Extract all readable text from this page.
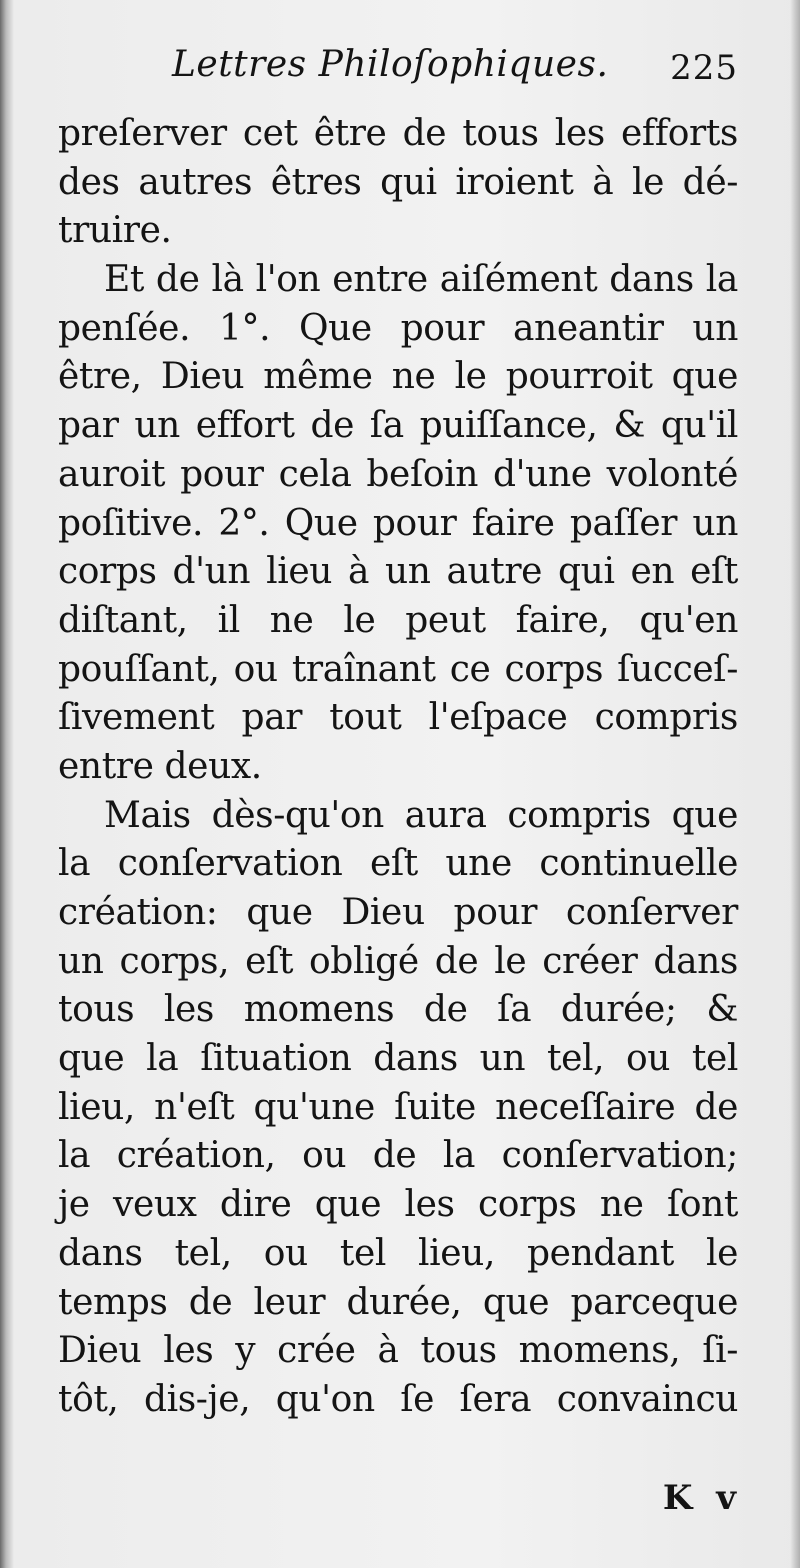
Lettres Philoſophiques. 225
preſerver cet être de tous les efforts
des autres êtres qui iroient à le dé-
truire.
Et de là l'on entre aiſément dans la
penſée. 1°. Que pour aneantir un
être, Dieu même ne le pourroit que
par un effort de ſa puiſſance, & qu'il
auroit pour cela beſoin d'une volonté
poſitive. 2°. Que pour faire paſſer un
corps d'un lieu à un autre qui en eſt
diſtant, il ne le peut faire, qu'en
pouſſant, ou traînant ce corps ſucceſ-
ſivement par tout l'eſpace compris
entre deux.
Mais dès-qu'on aura compris que
la conſervation eſt une continuelle
création: que Dieu pour conſerver
un corps, eſt obligé de le créer dans
tous les momens de ſa durée; &
que la ſituation dans un tel, ou tel
lieu, n'eſt qu'une ſuite neceſſaire de
la création, ou de la conſervation;
je veux dire que les corps ne ſont
dans tel, ou tel lieu, pendant le
temps de leur durée, que parceque
Dieu les y crée à tous momens, ſi-
tôt, dis-je, qu'on ſe ſera convaincu
K v
